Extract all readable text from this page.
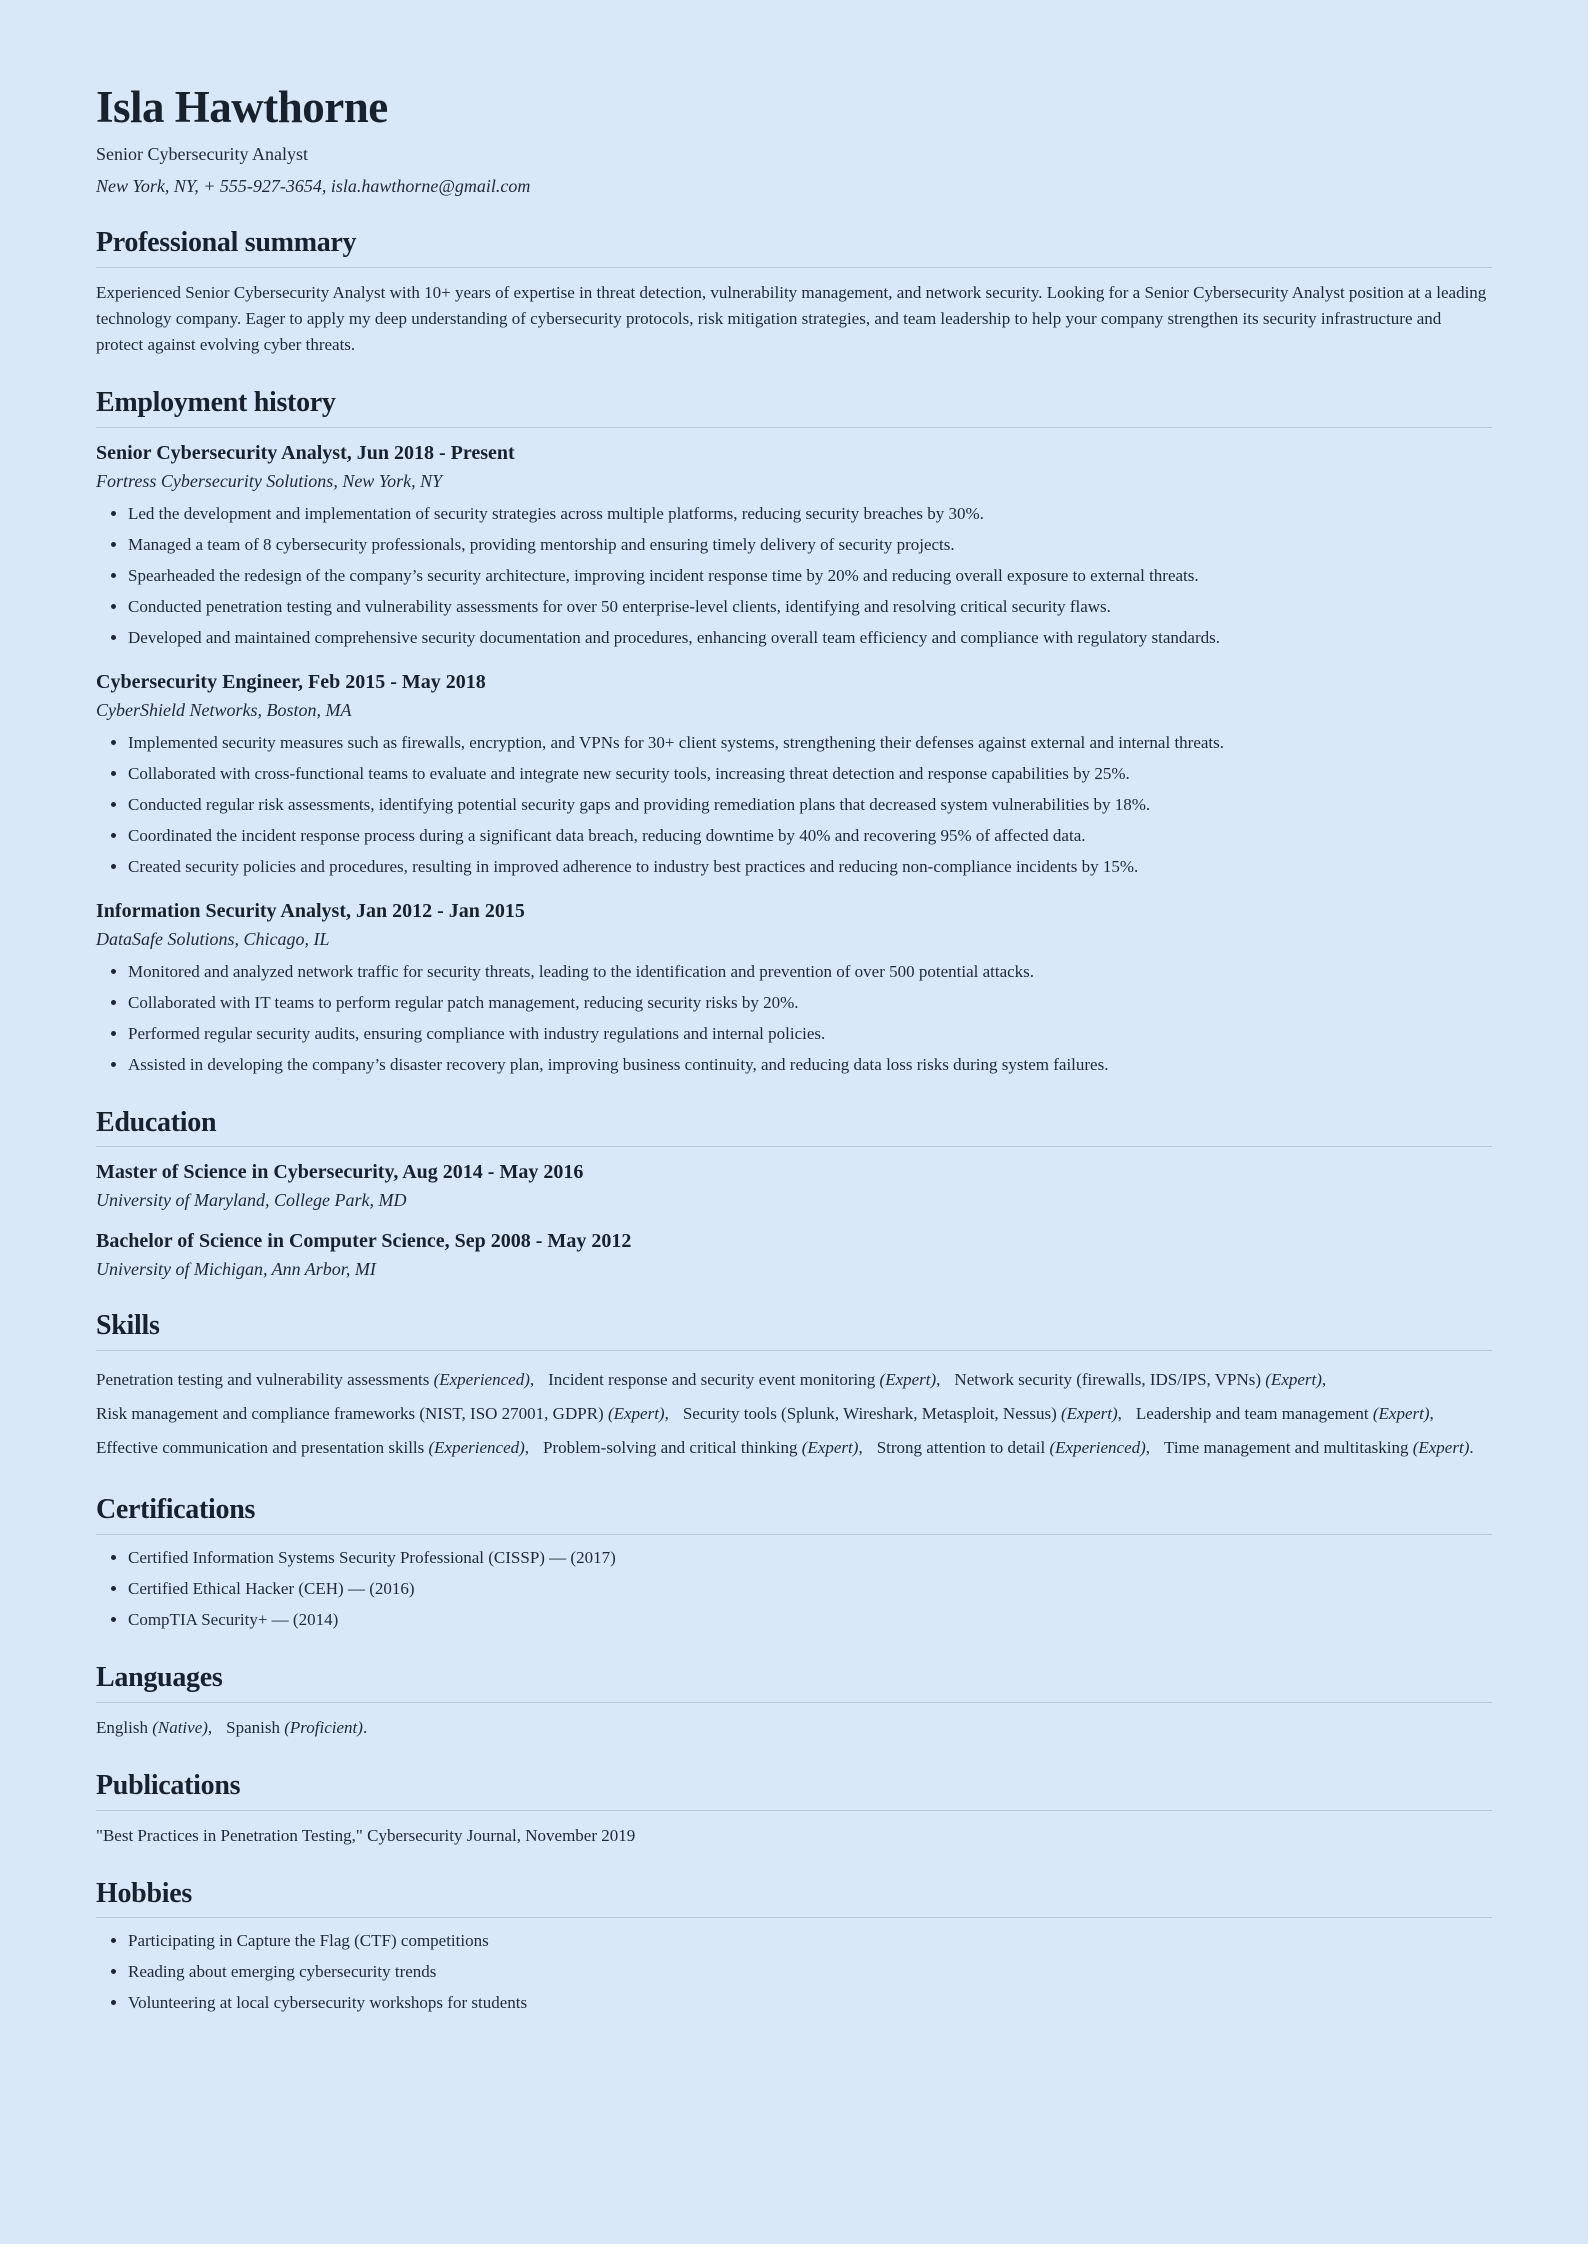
Isla Hawthorne
Senior Cybersecurity Analyst
New York, NY, + 555-927-3654, isla.hawthorne@gmail.com
Professional summary

Experienced Senior Cybersecurity Analyst with 10+ years of expertise in threat detection, vulnerability management, and network security. Looking for a Senior Cybersecurity Analyst position at a leading technology company. Eager to apply my deep understanding of cybersecurity protocols, risk mitigation strategies, and team leadership to help your company strengthen its security infrastructure and protect against evolving cyber threats.

Employment history
Senior Cybersecurity Analyst, Jun 2018 - Present
Fortress Cybersecurity Solutions, New York, NY
• Led the development and implementation of security strategies across multiple platforms, reducing security breaches by 30%.
• Managed a team of 8 cybersecurity professionals, providing mentorship and ensuring timely delivery of security projects.
• Spearheaded the redesign of the company’s security architecture, improving incident response time by 20% and reducing overall exposure to external threats.
• Conducted penetration testing and vulnerability assessments for over 50 enterprise-level clients, identifying and resolving critical security flaws.
• Developed and maintained comprehensive security documentation and procedures, enhancing overall team efficiency and compliance with regulatory standards.
Cybersecurity Engineer, Feb 2015 - May 2018
CyberShield Networks, Boston, MA
• Implemented security measures such as firewalls, encryption, and VPNs for 30+ client systems, strengthening their defenses against external and internal threats.
• Collaborated with cross-functional teams to evaluate and integrate new security tools, increasing threat detection and response capabilities by 25%.
• Conducted regular risk assessments, identifying potential security gaps and providing remediation plans that decreased system vulnerabilities by 18%.
• Coordinated the incident response process during a significant data breach, reducing downtime by 40% and recovering 95% of affected data.
• Created security policies and procedures, resulting in improved adherence to industry best practices and reducing non-compliance incidents by 15%.
Information Security Analyst, Jan 2012 - Jan 2015
DataSafe Solutions, Chicago, IL
• Monitored and analyzed network traffic for security threats, leading to the identification and prevention of over 500 potential attacks.
• Collaborated with IT teams to perform regular patch management, reducing security risks by 20%.
• Performed regular security audits, ensuring compliance with industry regulations and internal policies.
• Assisted in developing the company’s disaster recovery plan, improving business continuity, and reducing data loss risks during system failures.
Education
Master of Science in Cybersecurity, Aug 2014 - May 2016
University of Maryland, College Park, MD
Bachelor of Science in Computer Science, Sep 2008 - May 2012
University of Michigan, Ann Arbor, MI
Skills

Penetration testing and vulnerability assessments (Experienced), Incident response and security event monitoring (Expert), Network security (firewalls, IDS/IPS, VPNs) (Expert),Risk management and compliance frameworks (NIST, ISO 27001, GDPR) (Expert), Security tools (Splunk, Wireshark, Metasploit, Nessus) (Expert), Leadership and team management (Expert),Effective communication and presentation skills (Experienced), Problem-solving and critical thinking (Expert), Strong attention to detail (Experienced), Time management and multitasking (Expert).

Certifications
• Certified Information Systems Security Professional (CISSP) — (2017)
• Certified Ethical Hacker (CEH) — (2016)
• CompTIA Security+ — (2014)
Languages

English (Native), Spanish (Proficient).

Publications

"Best Practices in Penetration Testing," Cybersecurity Journal, November 2019

Hobbies
• Participating in Capture the Flag (CTF) competitions
• Reading about emerging cybersecurity trends
• Volunteering at local cybersecurity workshops for students
